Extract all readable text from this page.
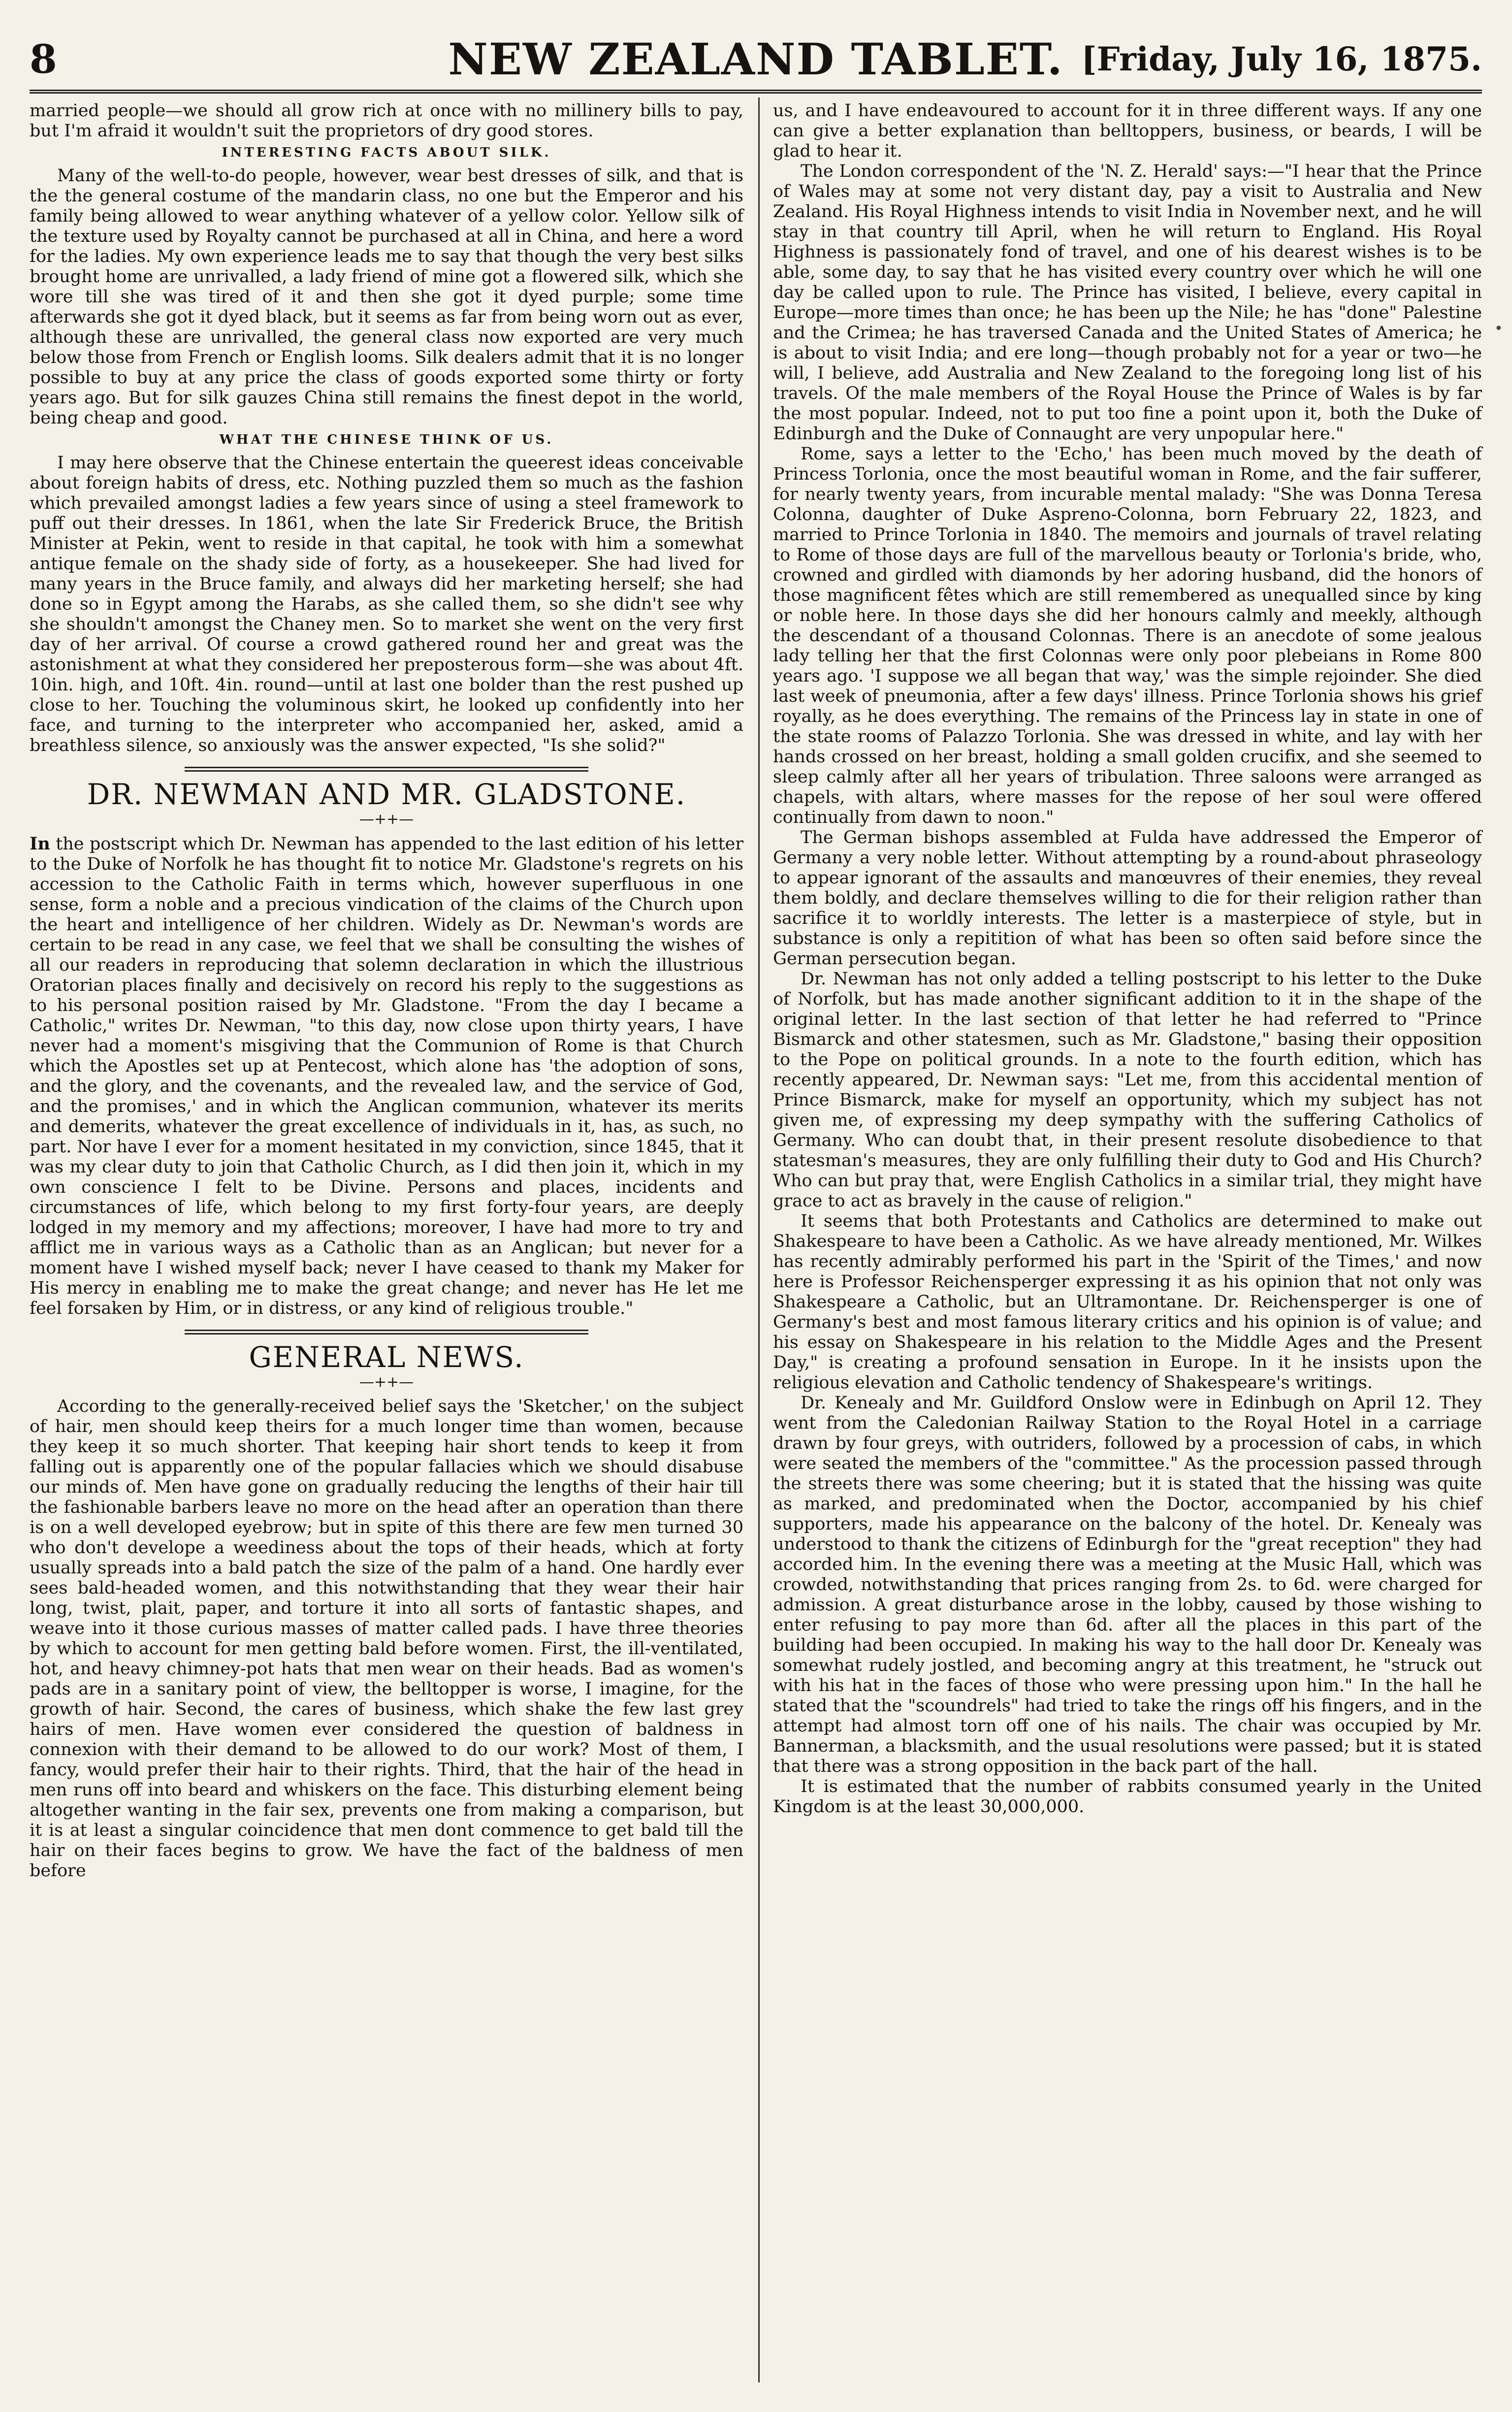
8	NEW ZEALAND TABLET. [Friday, July 16, 1875.
•

married people—we should all grow rich at once with no millinery bills to pay, but I'm afraid it wouldn't suit the proprietors of dry good stores.

INTERESTING FACTS ABOUT SILK.

Many of the well-to-do people, however, wear best dresses of silk, and that is the the general costume of the mandarin class, no one but the Emperor and his family being allowed to wear anything whatever of a yellow color. Yellow silk of the texture used by Royalty cannot be purchased at all in China, and here a word for the ladies. My own experience leads me to say that though the very best silks brought home are unrivalled, a lady friend of mine got a flowered silk, which she wore till she was tired of it and then she got it dyed purple; some time afterwards she got it dyed black, but it seems as far from being worn out as ever, although these are unrivalled, the general class now exported are very much below those from French or English looms. Silk dealers admit that it is no longer possible to buy at any price the class of goods exported some thirty or forty years ago. But for silk gauzes China still remains the finest depot in the world, being cheap and good.

WHAT THE CHINESE THINK OF US.

I may here observe that the Chinese entertain the queerest ideas conceivable about foreign habits of dress, etc. Nothing puzzled them so much as the fashion which prevailed amongst ladies a few years since of using a steel framework to puff out their dresses. In 1861, when the late Sir Frederick Bruce, the British Minister at Pekin, went to reside in that capital, he took with him a somewhat antique female on the shady side of forty, as a housekeeper. She had lived for many years in the Bruce family, and always did her marketing herself; she had done so in Egypt among the Harabs, as she called them, so she didn't see why she shouldn't amongst the Chaney men. So to market she went on the very first day of her arrival. Of course a crowd gathered round her and great was the astonishment at what they considered her preposterous form—she was about 4ft. 10in. high, and 10ft. 4in. round—until at last one bolder than the rest pushed up close to her. Touching the voluminous skirt, he looked up confidently into her face, and turning to the interpreter who accompanied her, asked, amid a breathless silence, so anxiously was the answer expected, "Is she solid?"

DR. NEWMAN AND MR. GLADSTONE.
—++—

In the postscript which Dr. Newman has appended to the last edition of his letter to the Duke of Norfolk he has thought fit to notice Mr. Gladstone's regrets on his accession to the Catholic Faith in terms which, however superfluous in one sense, form a noble and a precious vindication of the claims of the Church upon the heart and intelligence of her children. Widely as Dr. Newman's words are certain to be read in any case, we feel that we shall be consulting the wishes of all our readers in reproducing that solemn declaration in which the illustrious Oratorian places finally and decisively on record his reply to the suggestions as to his personal position raised by Mr. Gladstone. "From the day I became a Catholic," writes Dr. Newman, "to this day, now close upon thirty years, I have never had a moment's misgiving that the Communion of Rome is that Church which the Apostles set up at Pentecost, which alone has 'the adoption of sons, and the glory, and the covenants, and the revealed law, and the service of God, and the promises,' and in which the Anglican communion, whatever its merits and demerits, whatever the great excellence of individuals in it, has, as such, no part. Nor have I ever for a moment hesitated in my conviction, since 1845, that it was my clear duty to join that Catholic Church, as I did then join it, which in my own conscience I felt to be Divine. Persons and places, incidents and circumstances of life, which belong to my first forty-four years, are deeply lodged in my memory and my affections; moreover, I have had more to try and afflict me in various ways as a Catholic than as an Anglican; but never for a moment have I wished myself back; never I have ceased to thank my Maker for His mercy in enabling me to make the great change; and never has He let me feel forsaken by Him, or in distress, or any kind of religious trouble."

GENERAL NEWS.
—++—

According to the generally-received belief says the 'Sketcher,' on the subject of hair, men should keep theirs for a much longer time than women, because they keep it so much shorter. That keeping hair short tends to keep it from falling out is apparently one of the popular fallacies which we should disabuse our minds of. Men have gone on gradually reducing the lengths of their hair till the fashionable barbers leave no more on the head after an operation than there is on a well developed eyebrow; but in spite of this there are few men turned 30 who don't develope a weediness about the tops of their heads, which at forty usually spreads into a bald patch the size of the palm of a hand. One hardly ever sees bald-headed women, and this notwithstanding that they wear their hair long, twist, plait, paper, and torture it into all sorts of fantastic shapes, and weave into it those curious masses of matter called pads. I have three theories by which to account for men getting bald before women. First, the ill-ventilated, hot, and heavy chimney-pot hats that men wear on their heads. Bad as women's pads are in a sanitary point of view, the belltopper is worse, I imagine, for the growth of hair. Second, the cares of business, which shake the few last grey hairs of men. Have women ever considered the question of baldness in connexion with their demand to be allowed to do our work? Most of them, I fancy, would prefer their hair to their rights. Third, that the hair of the head in men runs off into beard and whiskers on the face. This disturbing element being altogether wanting in the fair sex, prevents one from making a comparison, but it is at least a singular coincidence that men dont commence to get bald till the hair on their faces begins to grow. We have the fact of the baldness of men before

us, and I have endeavoured to account for it in three different ways. If any one can give a better explanation than belltoppers, business, or beards, I will be glad to hear it.

The London correspondent of the 'N. Z. Herald' says:—"I hear that the Prince of Wales may at some not very distant day, pay a visit to Australia and New Zealand. His Royal Highness intends to visit India in November next, and he will stay in that country till April, when he will return to England. His Royal Highness is passionately fond of travel, and one of his dearest wishes is to be able, some day, to say that he has visited every country over which he will one day be called upon to rule. The Prince has visited, I believe, every capital in Europe—more times than once; he has been up the Nile; he has "done" Palestine and the Crimea; he has traversed Canada and the United States of America; he is about to visit India; and ere long—though probably not for a year or two—he will, I believe, add Australia and New Zealand to the foregoing long list of his travels. Of the male members of the Royal House the Prince of Wales is by far the most popular. Indeed, not to put too fine a point upon it, both the Duke of Edinburgh and the Duke of Connaught are very unpopular here."

Rome, says a letter to the 'Echo,' has been much moved by the death of Princess Torlonia, once the most beautiful woman in Rome, and the fair sufferer, for nearly twenty years, from incurable mental malady: "She was Donna Teresa Colonna, daughter of Duke Aspreno-Colonna, born February 22, 1823, and married to Prince Torlonia in 1840. The memoirs and journals of travel relating to Rome of those days are full of the marvellous beauty or Torlonia's bride, who, crowned and girdled with diamonds by her adoring husband, did the honors of those magnificent fêtes which are still remembered as unequalled since by king or noble here. In those days she did her honours calmly and meekly, although the descendant of a thousand Colonnas. There is an anecdote of some jealous lady telling her that the first Colonnas were only poor plebeians in Rome 800 years ago. 'I suppose we all began that way,' was the simple rejoinder. She died last week of pneumonia, after a few days' illness. Prince Torlonia shows his grief royally, as he does everything. The remains of the Princess lay in state in one of the state rooms of Palazzo Torlonia. She was dressed in white, and lay with her hands crossed on her breast, holding a small golden crucifix, and she seemed to sleep calmly after all her years of tribulation. Three saloons were arranged as chapels, with altars, where masses for the repose of her soul were offered continually from dawn to noon."

The German bishops assembled at Fulda have addressed the Emperor of Germany a very noble letter. Without attempting by a round-about phraseology to appear ignorant of the assaults and manœuvres of their enemies, they reveal them boldly, and declare themselves willing to die for their religion rather than sacrifice it to worldly interests. The letter is a masterpiece of style, but in substance is only a repitition of what has been so often said before since the German persecution began.

Dr. Newman has not only added a telling postscript to his letter to the Duke of Norfolk, but has made another significant addition to it in the shape of the original letter. In the last section of that letter he had referred to "Prince Bismarck and other statesmen, such as Mr. Gladstone," basing their opposition to the Pope on political grounds. In a note to the fourth edition, which has recently appeared, Dr. Newman says: "Let me, from this accidental mention of Prince Bismarck, make for myself an opportunity, which my subject has not given me, of expressing my deep sympathy with the suffering Catholics of Germany. Who can doubt that, in their present resolute disobedience to that statesman's measures, they are only fulfilling their duty to God and His Church? Who can but pray that, were English Catholics in a similar trial, they might have grace to act as bravely in the cause of religion."

It seems that both Protestants and Catholics are determined to make out Shakespeare to have been a Catholic. As we have already mentioned, Mr. Wilkes has recently admirably performed his part in the 'Spirit of the Times,' and now here is Professor Reichensperger expressing it as his opinion that not only was Shakespeare a Catholic, but an Ultramontane. Dr. Reichensperger is one of Germany's best and most famous literary critics and his opinion is of value; and his essay on Shakespeare in his relation to the Middle Ages and the Present Day," is creating a profound sensation in Europe. In it he insists upon the religious elevation and Catholic tendency of Shakespeare's writings.

Dr. Kenealy and Mr. Guildford Onslow were in Edinbugh on April 12. They went from the Caledonian Railway Station to the Royal Hotel in a carriage drawn by four greys, with outriders, followed by a procession of cabs, in which were seated the members of the "committee." As the procession passed through the streets there was some cheering; but it is stated that the hissing was quite as marked, and predominated when the Doctor, accompanied by his chief supporters, made his appearance on the balcony of the hotel. Dr. Kenealy was understood to thank the citizens of Edinburgh for the "great reception" they had accorded him. In the evening there was a meeting at the Music Hall, which was crowded, notwithstanding that prices ranging from 2s. to 6d. were charged for admission. A great disturbance arose in the lobby, caused by those wishing to enter refusing to pay more than 6d. after all the places in this part of the building had been occupied. In making his way to the hall door Dr. Kenealy was somewhat rudely jostled, and becoming angry at this treatment, he "struck out with his hat in the faces of those who were pressing upon him." In the hall he stated that the "scoundrels" had tried to take the rings off his fingers, and in the attempt had almost torn off one of his nails. The chair was occupied by Mr. Bannerman, a blacksmith, and the usual resolutions were passed; but it is stated that there was a strong opposition in the back part of the hall.

It is estimated that the number of rabbits consumed yearly in the United Kingdom is at the least 30,000,000.
